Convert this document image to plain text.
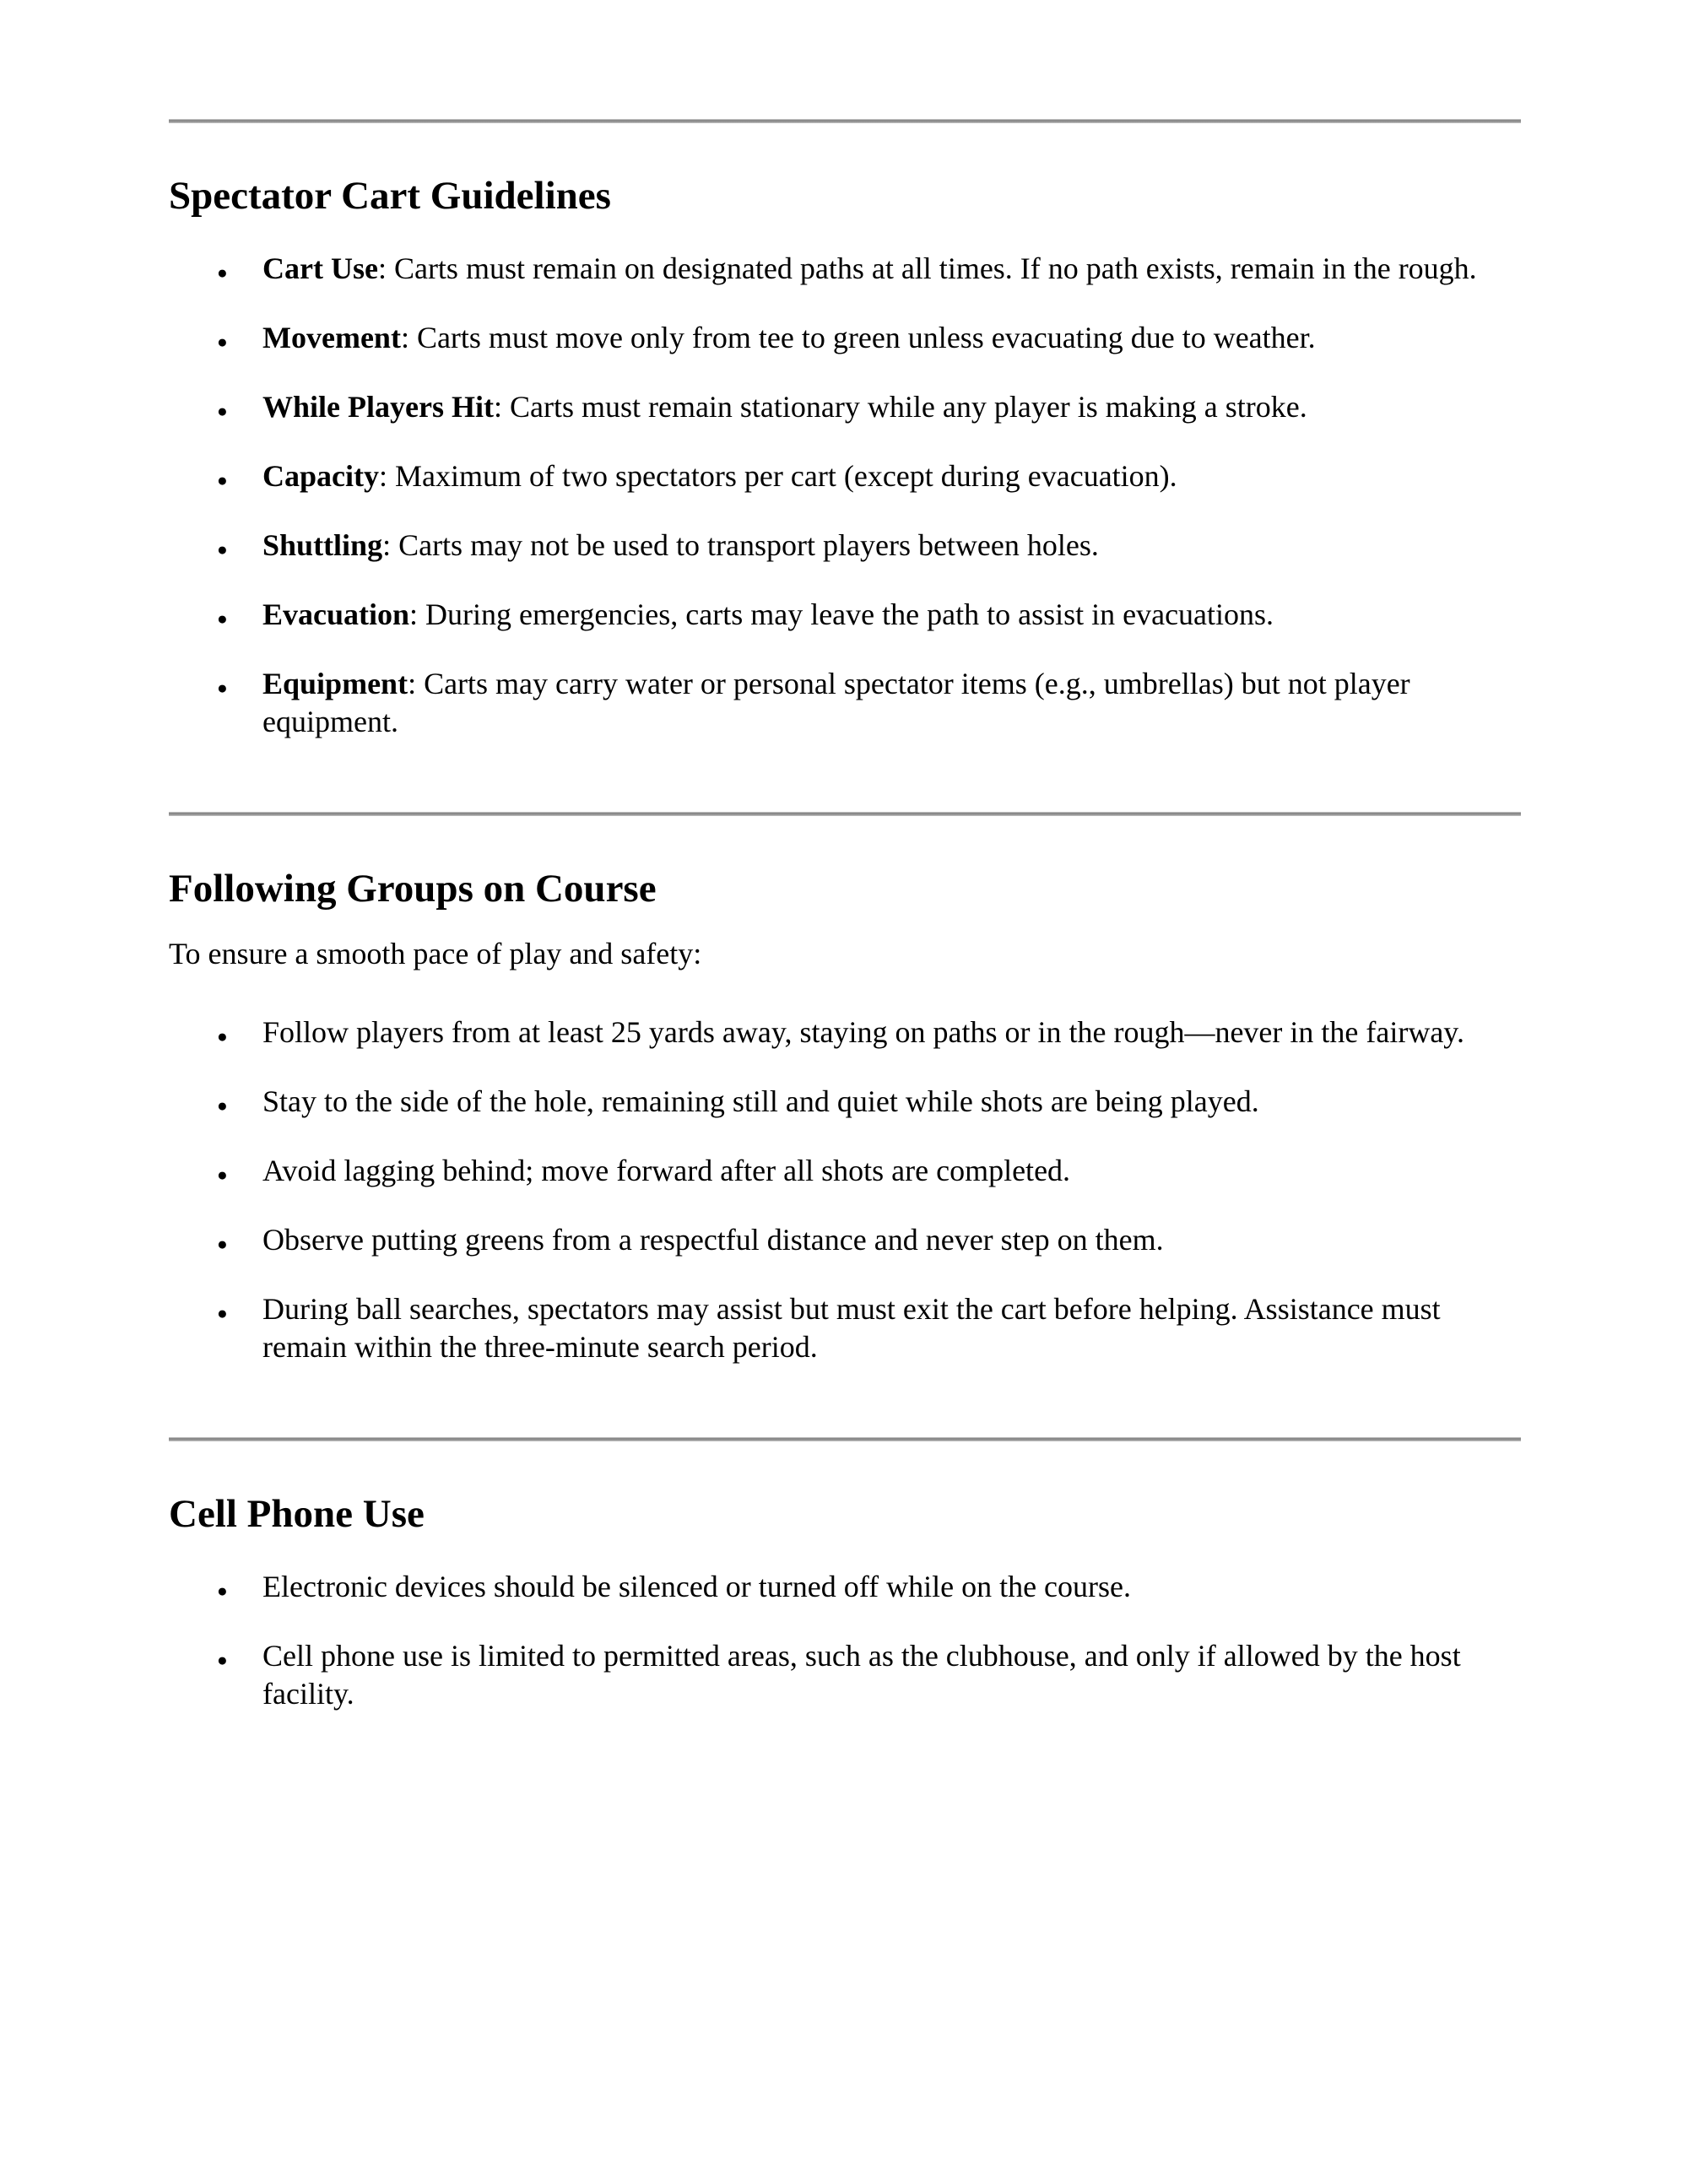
Spectator Cart Guidelines
●
Cart Use: Carts must remain on designated paths at all times. If no path exists, remain in the rough.
●
Movement: Carts must move only from tee to green unless evacuating due to weather.
●
While Players Hit: Carts must remain stationary while any player is making a stroke.
●
Capacity: Maximum of two spectators per cart (except during evacuation).
●
Shuttling: Carts may not be used to transport players between holes.
●
Evacuation: During emergencies, carts may leave the path to assist in evacuations.
●
Equipment: Carts may carry water or personal spectator items (e.g., umbrellas) but not player equipment.
Following Groups on Course

To ensure a smooth pace of play and safety:

●
Follow players from at least 25 yards away, staying on paths or in the rough—never in the fairway.
●
Stay to the side of the hole, remaining still and quiet while shots are being played.
●
Avoid lagging behind; move forward after all shots are completed.
●
Observe putting greens from a respectful distance and never step on them.
●
During ball searches, spectators may assist but must exit the cart before helping. Assistance must remain within the three-minute search period.
Cell Phone Use
●
Electronic devices should be silenced or turned off while on the course.
●
Cell phone use is limited to permitted areas, such as the clubhouse, and only if allowed by the host facility.
